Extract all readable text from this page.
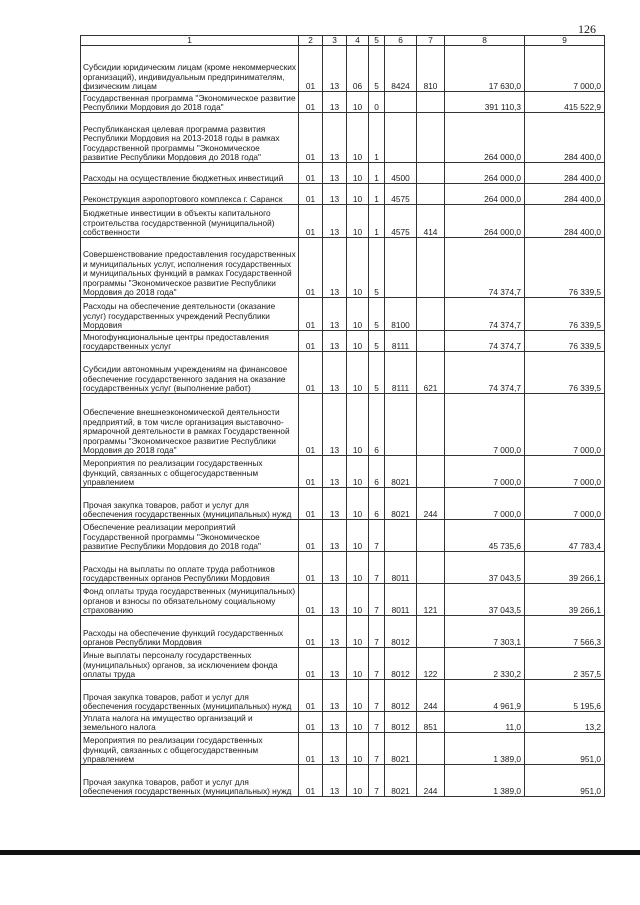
126
1	2	3	4	5	6	7	8	9
Субсидии юридическим лицам (кроме некоммерческих организаций), индивидуальным предпринимателям, физическим лицам	01	13	06	5	8424	810	17 630,0	7 000,0
Государственная программа "Экономическое развитие Республики Мордовия до 2018 года"	01	13	10	0			391 110,3	415 522,9
Республиканская целевая программа развития Республики Мордовия на 2013-2018 годы в рамках Государственной программы "Экономическое развитие Республики Мордовия до 2018 года"	01	13	10	1			264 000,0	284 400,0
Расходы на осуществление бюджетных инвестиций	01	13	10	1	4500		264 000,0	284 400,0
Реконструкция аэропортового комплекса г. Саранск	01	13	10	1	4575		264 000,0	284 400,0
Бюджетные инвестиции в объекты капитального строительства государственной (муниципальной) собственности	01	13	10	1	4575	414	264 000,0	284 400,0
Совершенствование предоставления государственных и муниципальных услуг, исполнения государственных и муниципальных функций в рамках Государственной программы "Экономическое развитие Республики Мордовия до 2018 года"	01	13	10	5			74 374,7	76 339,5
Расходы на обеспечение деятельности (оказание услуг) государственных учреждений Республики Мордовия	01	13	10	5	8100		74 374,7	76 339,5
Многофункциональные центры предоставления государственных услуг	01	13	10	5	8111		74 374,7	76 339,5
Субсидии автономным учреждениям на финансовое обеспечение государственного задания на оказание государственных услуг (выполнение работ)	01	13	10	5	8111	621	74 374,7	76 339,5
Обеспечение внешнеэкономической деятельности предприятий, в том числе организация выставочно-ярмарочной деятельности в рамках Государственной программы "Экономическое развитие Республики Мордовия до 2018 года"	01	13	10	6			7 000,0	7 000,0
Мероприятия по реализации государственных функций, связанных с общегосударственным управлением	01	13	10	6	8021		7 000,0	7 000,0
Прочая закупка товаров, работ и услуг для обеспечения государственных (муниципальных) нужд	01	13	10	6	8021	244	7 000,0	7 000,0
Обеспечение реализации мероприятий Государственной программы "Экономическое развитие Республики Мордовия до 2018 года"	01	13	10	7			45 735,6	47 783,4
Расходы на выплаты по оплате труда работников государственных органов Республики Мордовия	01	13	10	7	8011		37 043,5	39 266,1
Фонд оплаты труда государственных (муниципальных) органов и взносы по обязательному социальному страхованию	01	13	10	7	8011	121	37 043,5	39 266,1
Расходы на обеспечение функций государственных органов Республики Мордовия	01	13	10	7	8012		7 303,1	7 566,3
Иные выплаты персоналу государственных (муниципальных) органов, за исключением фонда оплаты труда	01	13	10	7	8012	122	2 330,2	2 357,5
Прочая закупка товаров, работ и услуг для обеспечения государственных (муниципальных) нужд	01	13	10	7	8012	244	4 961,9	5 195,6
Уплата налога на имущество организаций и земельного налога	01	13	10	7	8012	851	11,0	13,2
Мероприятия по реализации государственных функций, связанных с общегосударственным управлением	01	13	10	7	8021		1 389,0	951,0
Прочая закупка товаров, работ и услуг для обеспечения государственных (муниципальных) нужд	01	13	10	7	8021	244	1 389,0	951,0
